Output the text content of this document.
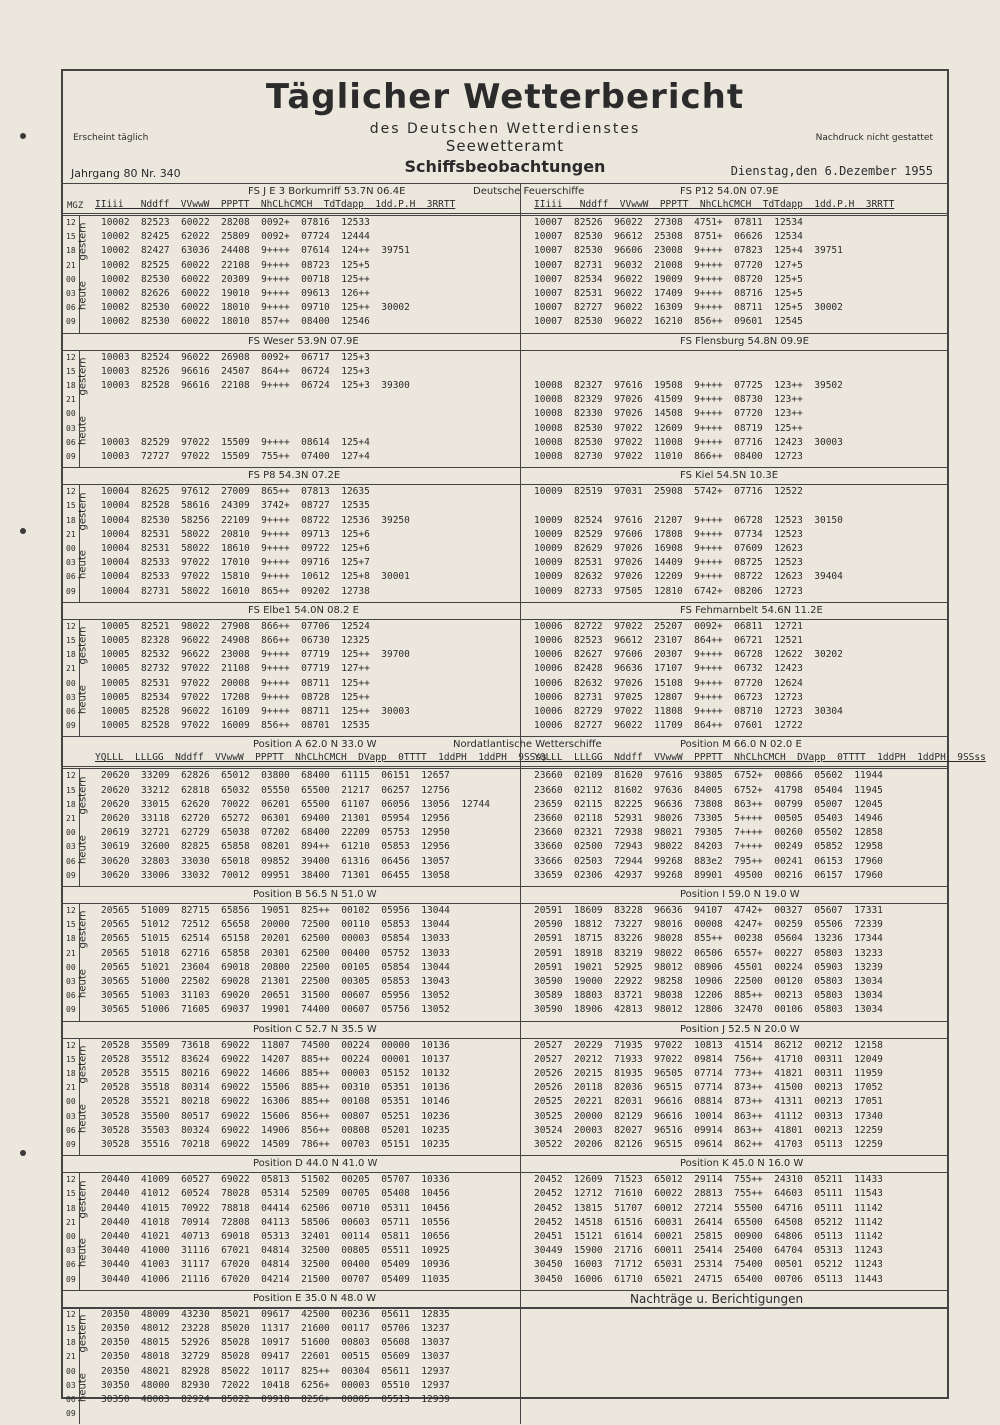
Täglicher Wetterbericht
des Deutschen Wetterdienstes
Seewetteramt
Schiffsbeobachtungen
Erscheint täglich	Nachdruck nicht gestattet
Jahrgang 80 Nr. 340	Dienstag,den 6.Dezember 1955
Deutsche Feuerschiffe
FS J E 3 Borkumriff 53.7N 06.4E	FS P12 54.0N 07.9E
IIiii   Nddff  VVwwW  PPPTT  NhCLhCMCH  TdTdapp  1dd.P.H  3RRTT	IIiii   Nddff  VVwwW  PPPTT  NhCLhCMCH  TdTdapp  1dd.P.H  3RRTT
MGZ
12	10002  82523  60022  28208  0092+  07816  12533
15	10002  82425  62022  25809  0092+  07724  12444
18	10002  82427  63036  24408  9++++  07614  124++  39751
21	10002  82525  60022  22108  9++++  08723  125+5
00	10002  82530  60022  20309  9++++  00718  125++
03	10002  82626  60022  19010  9++++  09613  126++
06	10002  82530  60022  18010  9++++  09710  125++  30002
09	10002  82530  60022  18010  857++  08400  12546
10007  82526  96022  27308  4751+  07811  12534
10007  82530  96612  25308  8751+  06626  12534
10007  82530  96606  23008  9++++  07823  125+4  39751
10007  82731  96032  21008  9++++  07720  127+5
10007  82534  96022  19009  9++++  08720  125+5
10007  82531  96022  17409  9++++  08716  125+5
10007  82727  96022  16309  9++++  08711  125+5  30002
10007  82530  96022  16210  856++  09601  12545
gestern
heute
FS Weser 53.9N 07.9E	FS Flensburg 54.8N 09.9E
12	10003  82524  96022  26908  0092+  06717  125+3
15	10003  82526  96616  24507  864++  06724  125+3
18	10003  82528  96616  22108  9++++  06724  125+3  39300
21
00
03
06	10003  82529  97022  15509  9++++  08614  125+4
09	10003  72727  97022  15509  755++  07400  127+4
10008  82327  97616  19508  9++++  07725  123++  39502
10008  82329  97026  41509  9++++  08730  123++
10008  82330  97026  14508  9++++  07720  123++
10008  82530  97022  12609  9++++  08719  125++
10008  82530  97022  11008  9++++  07716  12423  30003
10008  82730  97022  11010  866++  08400  12723
gestern
heute
FS P8 54.3N 07.2E	FS Kiel 54.5N 10.3E
12	10004  82625  97612  27009  865++  07813  12635
15	10004  82528  58616  24309  3742+  08727  12535
18	10004  82530  58256  22109  9++++  08722  12536  39250
21	10004  82531  58022  20810  9++++  09713  125+6
00	10004  82531  58022  18610  9++++  09722  125+6
03	10004  82533  97022  17010  9++++  09716  125+7
06	10004  82533  97022  15810  9++++  10612  125+8  30001
09	10004  82731  58022  16010  865++  09202  12738
10009  82519  97031  25908  5742+  07716  12522
10009  82524  97616  21207  9++++  06728  12523  30150
10009  82529  97606  17808  9++++  07734  12523
10009  82629  97026  16908  9++++  07609  12623
10009  82531  97026  14409  9++++  08725  12523
10009  82632  97026  12209  9++++  08722  12623  39404
10009  82733  97505  12810  6742+  08206  12723
gestern
heute
FS Elbe1 54.0N 08.2 E	FS Fehmarnbelt 54.6N 11.2E
12	10005  82521  98022  27908  866++  07706  12524
15	10005  82328  96022  24908  866++  06730  12325
18	10005  82532  96622  23008  9++++  07719  125++  39700
21	10005  82732  97022  21108  9++++  07719  127++
00	10005  82531  97022  20008  9++++  08711  125++
03	10005  82534  97022  17208  9++++  08728  125++
06	10005  82528  96022  16109  9++++  08711  125++  30003
09	10005  82528  97022  16009  856++  08701  12535
10006  82722  97022  25207  0092+  06811  12721
10006  82523  96612  23107  864++  06721  12521
10006  82627  97606  20307  9++++  06728  12622  30202
10006  82428  96636  17107  9++++  06732  12423
10006  82632  97026  15108  9++++  07720  12624
10006  82731  97025  12807  9++++  06723  12723
10006  82729  97022  11808  9++++  08710  12723  30304
10006  82727  96022  11709  864++  07601  12722
gestern
heute
Nordatlantische Wetterschiffe
Position A 62.0 N 33.0 W	Position M 66.0 N 02.0 E
YQLLL  LLLGG  Nddff  VVwwW  PPPTT  NhCLhCMCH  DVapp  0TTTT  1ddPH  1ddPH  9SSss
YQLLL  LLLGG  Nddff  VVwwW  PPPTT  NhCLhCMCH  DVapp  0TTTT  1ddPH  1ddPH  9SSss
12	20620  33209  62826  65012  03800  68400  61115  06151  12657
15	20620  33212  62818  65032  05550  65500  21217  06257  12756
18	20620  33015  62620  70022  06201  65500  61107  06056  13056  12744
21	20620  33118  62720  65272  06301  69400  21301  05954  12956
00	20619  32721  62729  65038  07202  68400  22209  05753  12950
03	30619  32600  82825  65858  08201  894++  61210  05853  12956
06	30620  32803  33030  65018  09852  39400  61316  06456  13057
09	30620  33006  33032  70012  09951  38400  71301  06455  13058
23660  02109  81620  97616  93805  6752+  00866  05602  11944
23660  02112  81602  97636  84005  6752+  41798  05404  11945
23659  02115  82225  96636  73808  863++  00799  05007  12045
23660  02118  52931  98026  73305  5++++  00505  05403  14946
23660  02321  72938  98021  79305  7++++  00260  05502  12858
33660  02500  72943  98022  84203  7++++  00249  05852  12958
33666  02503  72944  99268  883e2  795++  00241  06153  17960
33659  02306  42937  99268  89901  49500  00216  06157  17960
gestern
heute
Position B 56.5 N 51.0 W	Position I 59.0 N 19.0 W
12	20565  51009  82715  65856  19051  825++  00102  05956  13044
15	20565  51012  72512  65658  20000  72500  00110  05853  13044
18	20565  51015  62514  65158  20201  62500  00003  05854  13033
21	20565  51018  62716  65858  20301  62500  00400  05752  13033
00	20565  51021  23604  69018  20800  22500  00105  05854  13044
03	30565  51000  22502  69028  21301  22500  00305  05853  13043
06	30565  51003  31103  69020  20651  31500  00607  05956  13052
09	30565  51006  71605  69037  19901  74400  00607  05756  13052
20591  18609  83228  96636  94107  4742+  00327  05607  17331
20590  18812  73227  98016  00008  4247+  00259  05506  72339
20591  18715  83226  98028  855++  00238  05604  13236  17344
20591  18918  83219  98022  06506  6557+  00227  05803  13233
20591  19021  52925  98012  08906  45501  00224  05903  13239
30590  19000  22922  98258  10906  22500  00120  05803  13034
30589  18803  83721  98038  12206  885++  00213  05803  13034
30590  18906  42813  98012  12806  32470  00106  05803  13034
gestern
heute
Position C 52.7 N 35.5 W	Position J 52.5 N 20.0 W
12	20528  35509  73618  69022  11807  74500  00224  00000  10136
15	20528  35512  83624  69022  14207  885++  00224  00001  10137
18	20528  35515  80216  69022  14606  885++  00003  05152  10132
21	20528  35518  80314  69022  15506  885++  00310  05351  10136
00	20528  35521  80218  69022  16306  885++  00108  05351  10146
03	30528  35500  80517  69022  15606  856++  00807  05251  10236
06	30528  35503  80324  69022  14906  856++  00808  05201  10235
09	30528  35516  70218  69022  14509  786++  00703  05151  10235
20527  20229  71935  97022  10813  41514  86212  00212  12158
20527  20212  71933  97022  09814  756++  41710  00311  12049
20526  20215  81935  96505  07714  773++  41821  00311  11959
20526  20118  82036  96515  07714  873++  41500  00213  17052
20525  20221  82031  96616  08814  873++  41311  00213  17051
30525  20000  82129  96616  10014  863++  41112  00313  17340
30524  20003  82027  96516  09914  863++  41801  00213  12259
30522  20206  82126  96515  09614  862++  41703  05113  12259
gestern
heute
Position D 44.0 N 41.0 W	Position K 45.0 N 16.0 W
12	20440  41009  60527  69022  05813  51502  00205  05707  10336
15	20440  41012  60524  78028  05314  52509  00705  05408  10456
18	20440  41015  70922  78818  04414  62506  00710  05311  10456
21	20440  41018  70914  72808  04113  58506  00603  05711  10556
00	20440  41021  40713  69018  05313  32401  00114  05811  10656
03	30440  41000  31116  67021  04814  32500  00805  05511  10925
06	30440  41003  31117  67020  04814  32500  00400  05409  10936
09	30440  41006  21116  67020  04214  21500  00707  05409  11035
20452  12609  71523  65012  29114  755++  24310  05211  11433
20452  12712  71610  60022  28813  755++  64603  05111  11543
20452  13815  51707  60012  27214  55500  64716  05111  11142
20452  14518  61516  60031  26414  65500  64508  05212  11142
20451  15121  61614  60021  25815  00900  64806  05113  11142
30449  15900  21716  60011  25414  25400  64704  05313  11243
30450  16003  71712  65031  25314  75400  00501  05212  11243
30450  16006  61710  65021  24715  65400  00706  05113  11443
gestern
heute
Position E 35.0 N 48.0 W
12	20350  48009  43230  85021  09617  42500  00236  05611  12835
15	20350  48012  23228  85020  11317  21600  00117  05706  13237
18	20350  48015  52926  85028  10917  51600  00803  05608  13037
21	20350  48018  32729  85028  09417  22601  00515  05609  13037
00	20350  48021  82928  85022  10117  825++  00304  05611  12937
03	30350  48000  82930  72022  10418  6256+  00003  05510  12937
06	30350  48003  82924  85022  09918  8256+  00805  05513  12939
09
gestern
heute
Nachträge u. Berichtigungen
